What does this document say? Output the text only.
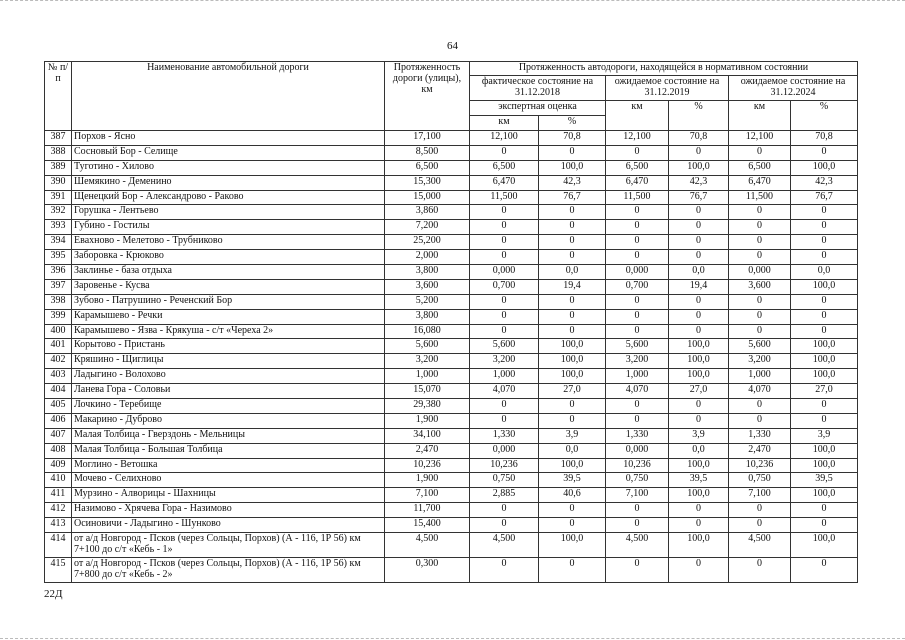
64
№ п/п	Наименование автомобильной дороги	Протяженность дороги (улицы), км	Протяженность автодороги, находящейся в нормативном состоянии					
			фактическое состояние на 31.12.2018		ожидаемое состояние на 31.12.2019		ожидаемое состояние на 31.12.2024	
			экспертная оценка		км	%	км	%
			км	%				
387	Порхов - Ясно	17,100	12,100	70,8	12,100	70,8	12,100	70,8
388	Сосновый Бор - Селище	8,500	0	0	0	0	0	0
389	Туготино - Хилово	6,500	6,500	100,0	6,500	100,0	6,500	100,0
390	Шемякино - Деменино	15,300	6,470	42,3	6,470	42,3	6,470	42,3
391	Щенецкий Бор - Александрово - Раково	15,000	11,500	76,7	11,500	76,7	11,500	76,7
392	Горушка - Лентьево	3,860	0	0	0	0	0	0
393	Губино - Гостилы	7,200	0	0	0	0	0	0
394	Евахново - Мелетово - Трубниково	25,200	0	0	0	0	0	0
395	Заборовка - Крюково	2,000	0	0	0	0	0	0
396	Заклинье - база отдыха	3,800	0,000	0,0	0,000	0,0	0,000	0,0
397	Заровенье - Кусва	3,600	0,700	19,4	0,700	19,4	3,600	100,0
398	Зубово - Патрушино - Реченский Бор	5,200	0	0	0	0	0	0
399	Карамышево - Речки	3,800	0	0	0	0	0	0
400	Карамышево - Язва - Крякуша - с/т «Череха 2»	16,080	0	0	0	0	0	0
401	Корытово - Пристань	5,600	5,600	100,0	5,600	100,0	5,600	100,0
402	Кряшино - Щиглицы	3,200	3,200	100,0	3,200	100,0	3,200	100,0
403	Ладыгино - Волохово	1,000	1,000	100,0	1,000	100,0	1,000	100,0
404	Ланева Гора - Соловьи	15,070	4,070	27,0	4,070	27,0	4,070	27,0
405	Лочкино - Теребище	29,380	0	0	0	0	0	0
406	Макарино - Дуброво	1,900	0	0	0	0	0	0
407	Малая Толбица - Гверздонь - Мельницы	34,100	1,330	3,9	1,330	3,9	1,330	3,9
408	Малая Толбица - Большая Толбица	2,470	0,000	0,0	0,000	0,0	2,470	100,0
409	Моглино - Ветошка	10,236	10,236	100,0	10,236	100,0	10,236	100,0
410	Мочево - Селихново	1,900	0,750	39,5	0,750	39,5	0,750	39,5
411	Мурзино - Алворицы - Шахницы	7,100	2,885	40,6	7,100	100,0	7,100	100,0
412	Назимово - Хрячева Гора - Назимово	11,700	0	0	0	0	0	0
413	Осиновичи - Ладыгино - Шунково	15,400	0	0	0	0	0	0
414	от а/д Новгород - Псков (через Сольцы, Порхов) (А - 116, 1Р 56) км 7+100 до с/т «Кебь - 1»	4,500	4,500	100,0	4,500	100,0	4,500	100,0
415	от а/д Новгород - Псков (через Сольцы, Порхов) (А - 116, 1Р 56) км 7+800 до с/т «Кебь - 2»	0,300	0	0	0	0	0	0
22Д
